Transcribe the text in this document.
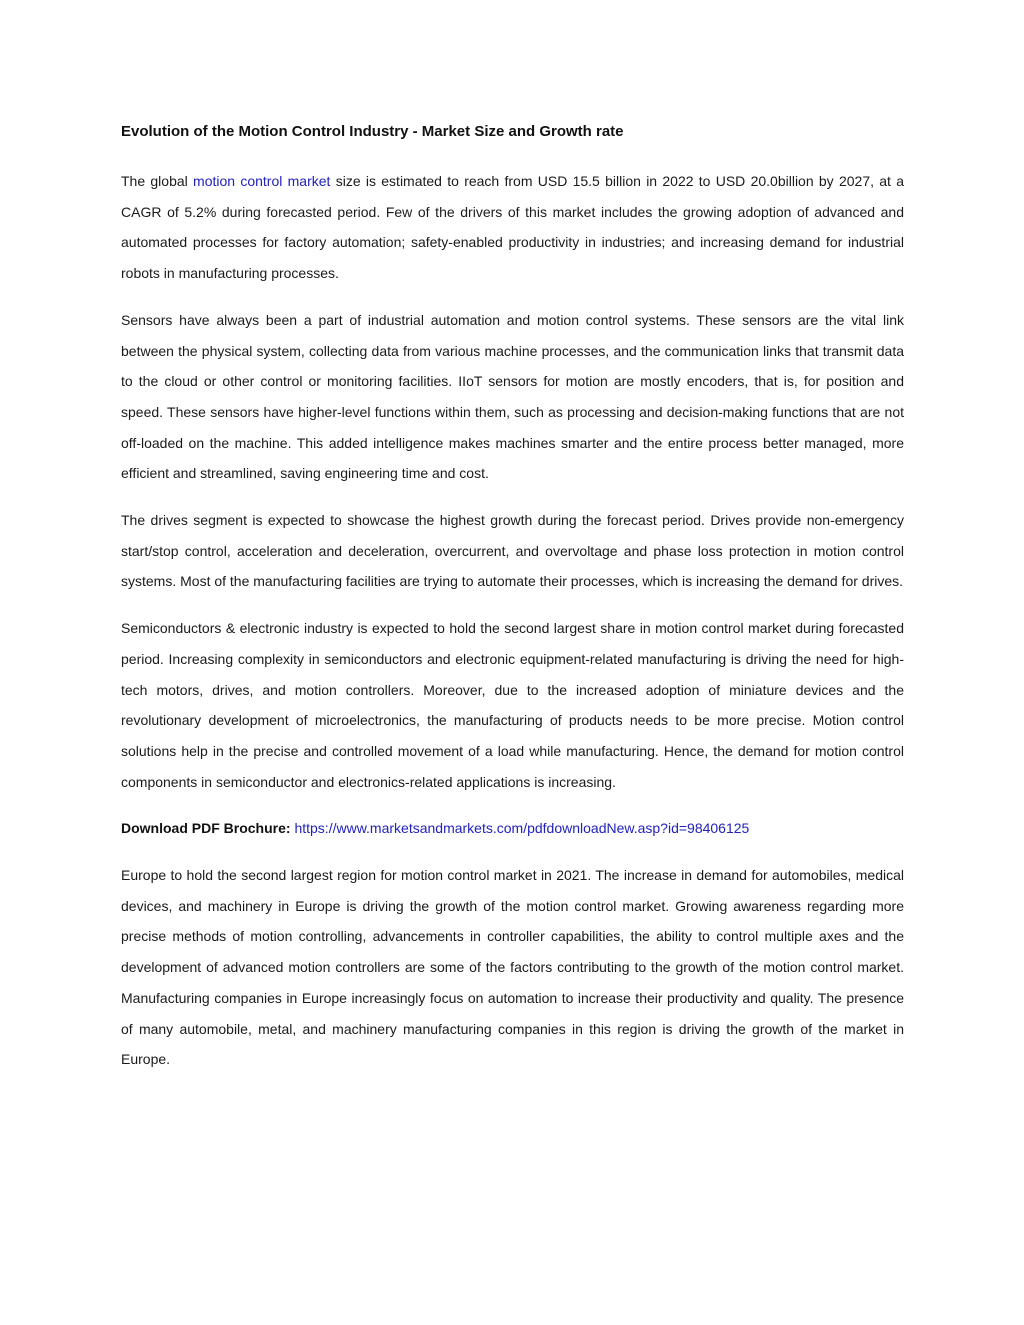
Evolution of the Motion Control Industry - Market Size and Growth rate

The global motion control market size is estimated to reach from USD 15.5 billion in 2022 to USD 20.0billion by 2027, at a CAGR of 5.2% during forecasted period. Few of the drivers of this market includes the growing adoption of advanced and automated processes for factory automation; safety-enabled productivity in industries; and increasing demand for industrial robots in manufacturing processes.

Sensors have always been a part of industrial automation and motion control systems. These sensors are the vital link between the physical system, collecting data from various machine processes, and the communication links that transmit data to the cloud or other control or monitoring facilities. IIoT sensors for motion are mostly encoders, that is, for position and speed. These sensors have higher-level functions within them, such as processing and decision-making functions that are not off-loaded on the machine. This added intelligence makes machines smarter and the entire process better managed, more efficient and streamlined, saving engineering time and cost.

The drives segment is expected to showcase the highest growth during the forecast period. Drives provide non-emergency start/stop control, acceleration and deceleration, overcurrent, and overvoltage and phase loss protection in motion control systems. Most of the manufacturing facilities are trying to automate their processes, which is increasing the demand for drives.

Semiconductors & electronic industry is expected to hold the second largest share in motion control market during forecasted period. Increasing complexity in semiconductors and electronic equipment-related manufacturing is driving the need for high-tech motors, drives, and motion controllers. Moreover, due to the increased adoption of miniature devices and the revolutionary development of microelectronics, the manufacturing of products needs to be more precise. Motion control solutions help in the precise and controlled movement of a load while manufacturing. Hence, the demand for motion control components in semiconductor and electronics-related applications is increasing.

Download PDF Brochure: https://www.marketsandmarkets.com/pdfdownloadNew.asp?id=98406125

Europe to hold the second largest region for motion control market in 2021. The increase in demand for automobiles, medical devices, and machinery in Europe is driving the growth of the motion control market. Growing awareness regarding more precise methods of motion controlling, advancements in controller capabilities, the ability to control multiple axes and the development of advanced motion controllers are some of the factors contributing to the growth of the motion control market. Manufacturing companies in Europe increasingly focus on automation to increase their productivity and quality. The presence of many automobile, metal, and machinery manufacturing companies in this region is driving the growth of the market in Europe.
